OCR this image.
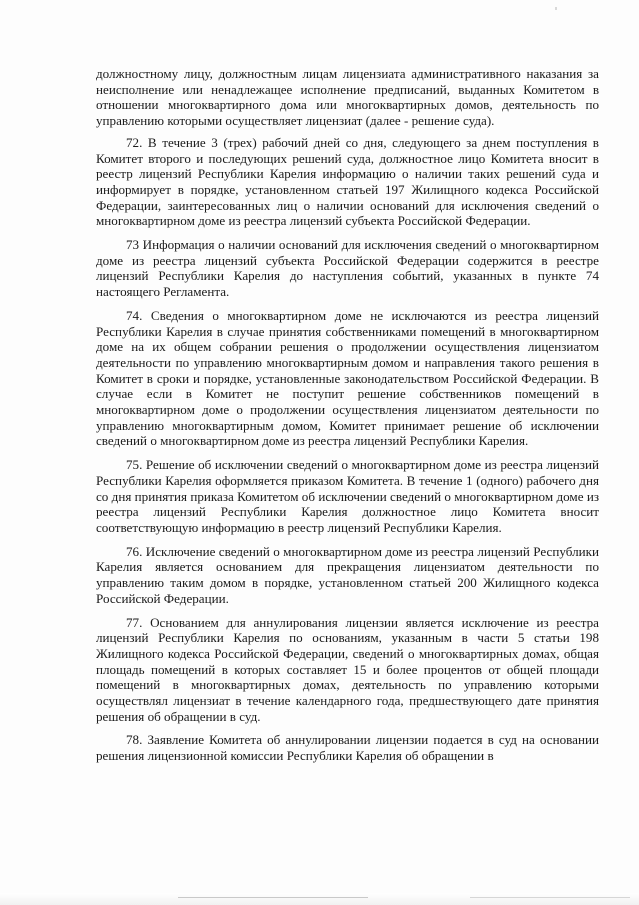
должностному лицу, должностным лицам лицензиата административного наказания за неисполнение или ненадлежащее исполнение предписаний, выданных Комитетом в отношении многоквартирного дома или многоквартирных домов, деятельность по управлению которыми осуществляет лицензиат (далее - решение суда).

72. В течение 3 (трех) рабочий дней со дня, следующего за днем поступления в Комитет второго и последующих решений суда, должностное лицо Комитета вносит в реестр лицензий Республики Карелия информацию о наличии таких решений суда и информирует в порядке, установленном статьей 197 Жилищного кодекса Российской Федерации, заинтересованных лиц о наличии оснований для исключения сведений о многоквартирном доме из реестра лицензий субъекта Российской Федерации.

73 Информация о наличии оснований для исключения сведений о многоквартирном доме из реестра лицензий субъекта Российской Федерации содержится в реестре лицензий Республики Карелия до наступления событий, указанных в пункте 74 настоящего Регламента.

74. Сведения о многоквартирном доме не исключаются из реестра лицензий Республики Карелия в случае принятия собственниками помещений в многоквартирном доме на их общем собрании решения о продолжении осуществления лицензиатом деятельности по управлению многоквартирным домом и направления такого решения в Комитет в сроки и порядке, установленные законодательством Российской Федерации. В случае если в Комитет не поступит решение собственников помещений в многоквартирном доме о продолжении осуществления лицензиатом деятельности по управлению многоквартирным домом, Комитет принимает решение об исключении сведений о многоквартирном доме из реестра лицензий Республики Карелия.

75. Решение об исключении сведений о многоквартирном доме из реестра лицензий Республики Карелия оформляется приказом Комитета. В течение 1 (одного) рабочего дня со дня принятия приказа Комитетом об исключении сведений о многоквартирном доме из реестра лицензий Республики Карелия должностное лицо Комитета вносит соответствующую информацию в реестр лицензий Республики Карелия.

76. Исключение сведений о многоквартирном доме из реестра лицензий Республики Карелия является основанием для прекращения лицензиатом деятельности по управлению таким домом в порядке, установленном статьей 200 Жилищного кодекса Российской Федерации.

77. Основанием для аннулирования лицензии является исключение из реестра лицензий Республики Карелия по основаниям, указанным в части 5 статьи 198 Жилищного кодекса Российской Федерации, сведений о многоквартирных домах, общая площадь помещений в которых составляет 15 и более процентов от общей площади помещений в многоквартирных домах, деятельность по управлению которыми осуществлял лицензиат в течение календарного года, предшествующего дате принятия решения об обращении в суд.

78. Заявление Комитета об аннулировании лицензии подается в суд на основании решения лицензионной комиссии Республики Карелия об обращении в
